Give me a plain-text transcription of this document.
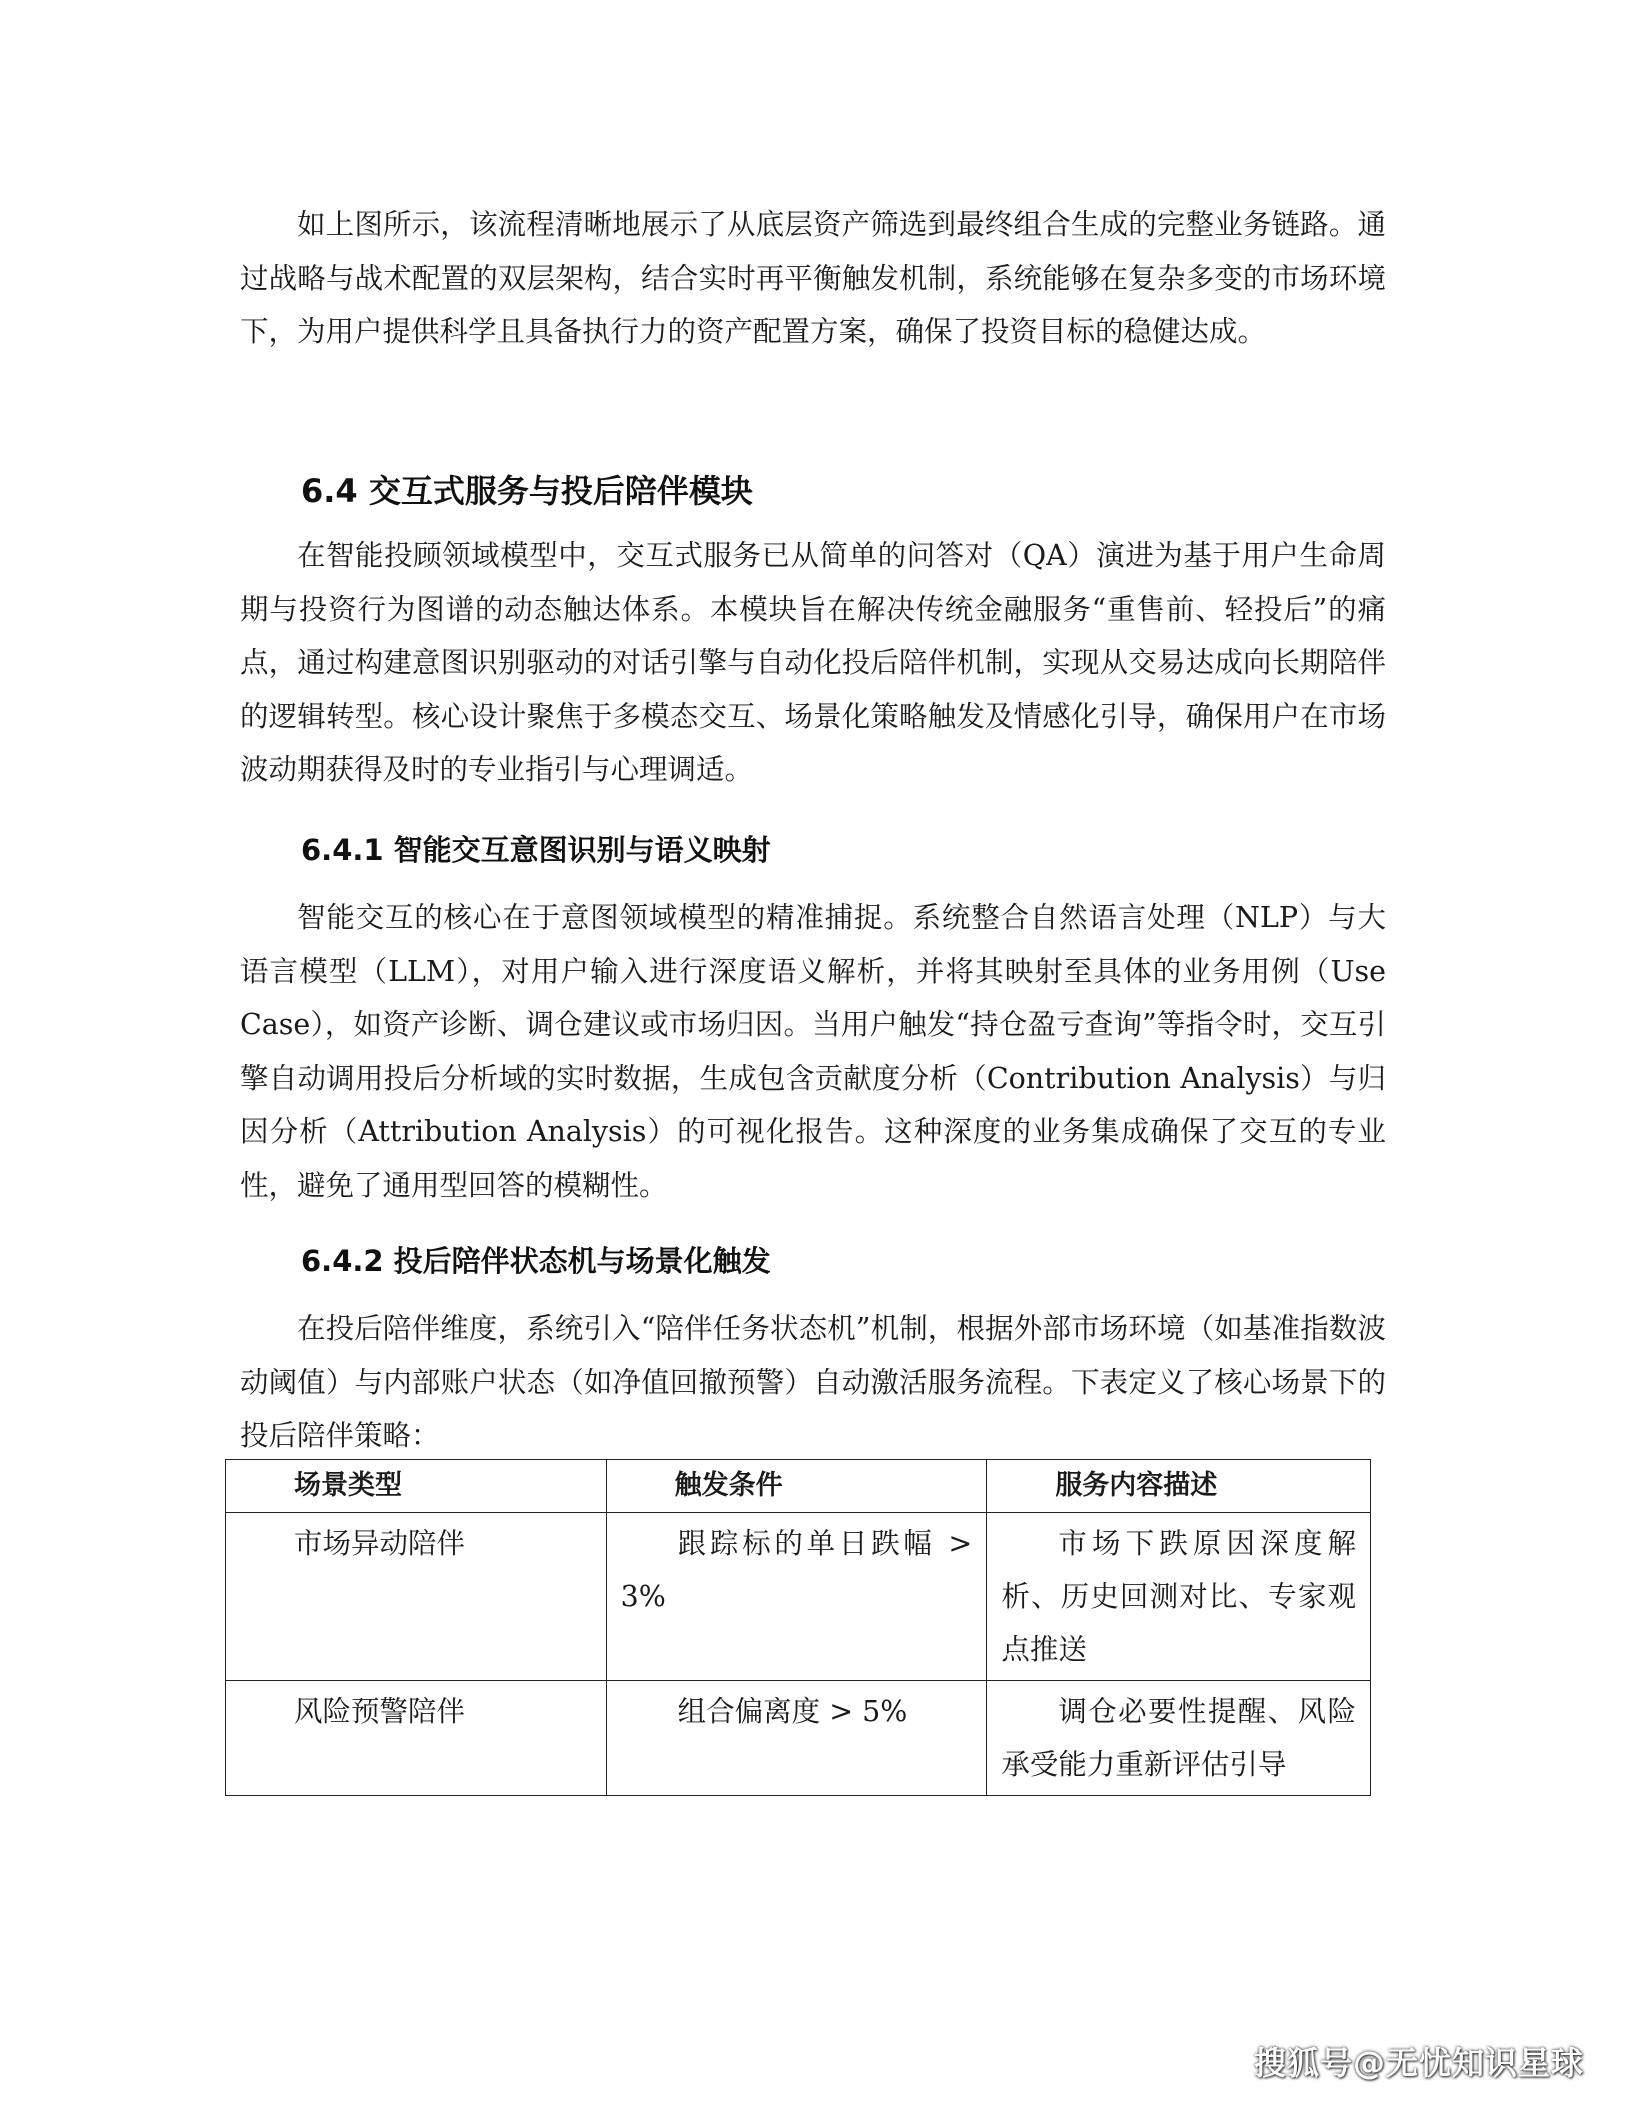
如上图所示，该流程清晰地展示了从底层资产筛选到最终组合生成的完整业务链路。通过战略与战术配置的双层架构，结合实时再平衡触发机制，系统能够在复杂多变的市场环境下，为用户提供科学且具备执行力的资产配置方案，确保了投资目标的稳健达成。

6.4 交互式服务与投后陪伴模块

在智能投顾领域模型中，交互式服务已从简单的问答对（QA）演进为基于用户生命周期与投资行为图谱的动态触达体系。本模块旨在解决传统金融服务“重售前、轻投后”的痛点，通过构建意图识别驱动的对话引擎与自动化投后陪伴机制，实现从交易达成向长期陪伴的逻辑转型。核心设计聚焦于多模态交互、场景化策略触发及情感化引导，确保用户在市场波动期获得及时的专业指引与心理调适。

6.4.1 智能交互意图识别与语义映射

智能交互的核心在于意图领域模型的精准捕捉。系统整合自然语言处理（NLP）与大语言模型（LLM），对用户输入进行深度语义解析，并将其映射至具体的业务用例（Use Case），如资产诊断、调仓建议或市场归因。当用户触发“持仓盈亏查询”等指令时，交互引擎自动调用投后分析域的实时数据，生成包含贡献度分析（Contribution Analysis）与归因分析（Attribution Analysis）的可视化报告。这种深度的业务集成确保了交互的专业性，避免了通用型回答的模糊性。

6.4.2 投后陪伴状态机与场景化触发

在投后陪伴维度，系统引入“陪伴任务状态机”机制，根据外部市场环境（如基准指数波动阈值）与内部账户状态（如净值回撤预警）自动激活服务流程。下表定义了核心场景下的投后陪伴策略：

场景类型	触发条件	服务内容描述

市场异动陪伴	跟踪标的单日跌幅 > 3%	市场下跌原因深度解析、历史回测对比、专家观点推送

风险预警陪伴	组合偏离度 > 5%	调仓必要性提醒、风险承受能力重新评估引导
搜狐号@无忧知识星球
